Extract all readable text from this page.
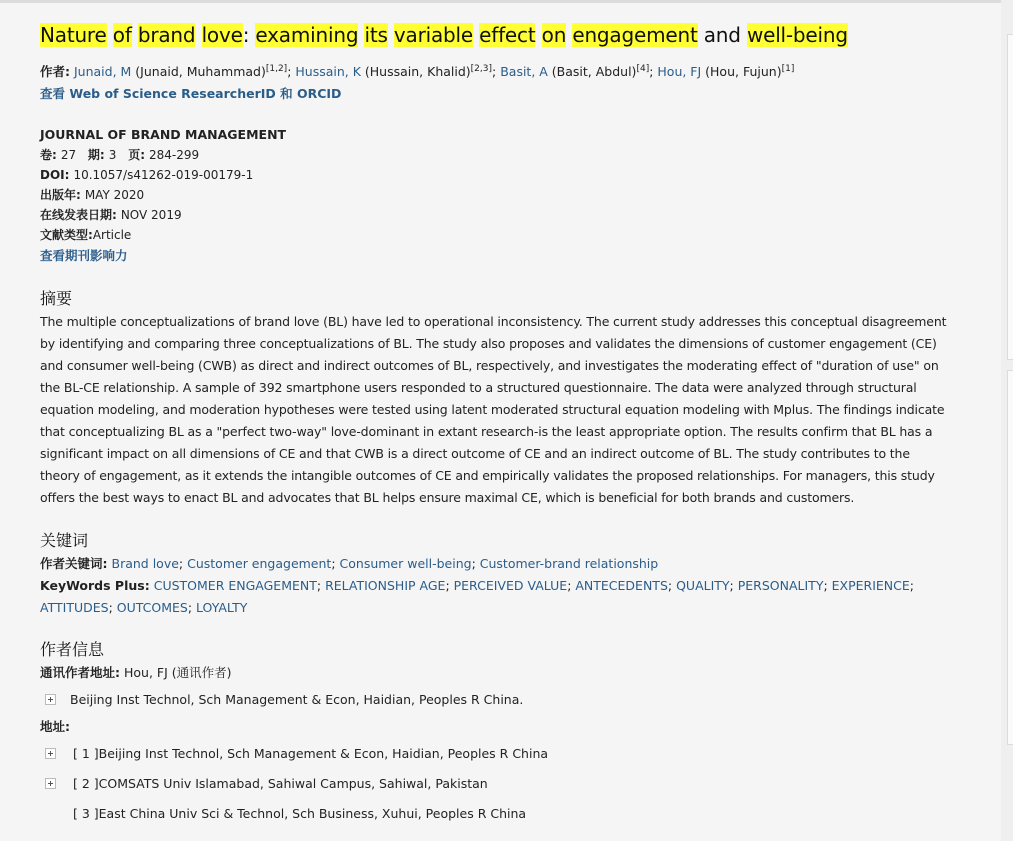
Nature of brand love: examining its variable effect on engagement and well-being
作者: Junaid, M (Junaid, Muhammad)[1,2]; Hussain, K (Hussain, Khalid)[2,3]; Basit, A (Basit, Abdul)[4]; Hou, FJ (Hou, Fujun)[1]
查看 Web of Science ResearcherID 和 ORCID
JOURNAL OF BRAND MANAGEMENT
卷: 27 期: 3 页: 284-299
DOI: 10.1057/s41262-019-00179-1
出版年: MAY 2020
在线发表日期: NOV 2019
文献类型:Article
查看期刊影响力
摘要

The multiple conceptualizations of brand love (BL) have led to operational inconsistency. The current study addresses this conceptual disagreement by identifying and comparing three conceptualizations of BL. The study also proposes and validates the dimensions of customer engagement (CE) and consumer well-being (CWB) as direct and indirect outcomes of BL, respectively, and investigates the moderating effect of "duration of use" on the BL-CE relationship. A sample of 392 smartphone users responded to a structured questionnaire. The data were analyzed through structural equation modeling, and moderation hypotheses were tested using latent moderated structural equation modeling with Mplus. The findings indicate that conceptualizing BL as a "perfect two-way" love-dominant in extant research-is the least appropriate option. The results confirm that BL has a significant impact on all dimensions of CE and that CWB is a direct outcome of CE and an indirect outcome of BL. The study contributes to the theory of engagement, as it extends the intangible outcomes of CE and empirically validates the proposed relationships. For managers, this study offers the best ways to enact BL and advocates that BL helps ensure maximal CE, which is beneficial for both brands and customers.

关键词
作者关键词: Brand love; Customer engagement; Consumer well-being; Customer-brand relationship
KeyWords Plus: CUSTOMER ENGAGEMENT; RELATIONSHIP AGE; PERCEIVED VALUE; ANTECEDENTS; QUALITY; PERSONALITY; EXPERIENCE; ATTITUDES; OUTCOMES; LOYALTY
作者信息
通讯作者地址: Hou, FJ (通讯作者)
Beijing Inst Technol, Sch Management & Econ, Haidian, Peoples R China.
地址:
[ 1 ] Beijing Inst Technol, Sch Management & Econ, Haidian, Peoples R China
[ 2 ] COMSATS Univ Islamabad, Sahiwal Campus, Sahiwal, Pakistan
[ 3 ] East China Univ Sci & Technol, Sch Business, Xuhui, Peoples R China
